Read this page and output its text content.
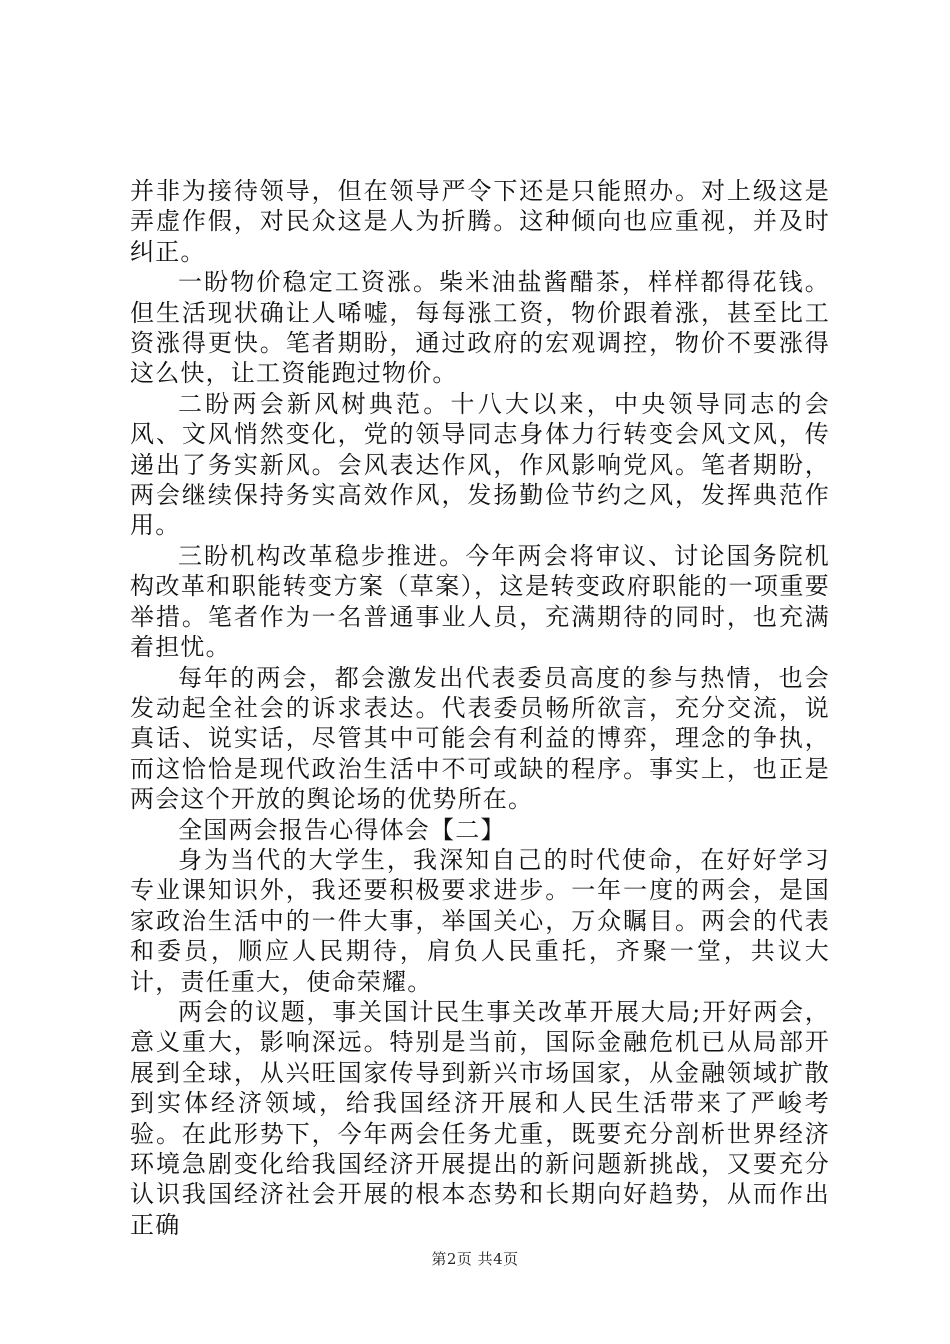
并非为接待领导，但在领导严令下还是只能照办。对上级这是弄虚作假，对民众这是人为折腾。这种倾向也应重视，并及时纠正。

一盼物价稳定工资涨。柴米油盐酱醋茶，样样都得花钱。但生活现状确让人唏嘘，每每涨工资，物价跟着涨，甚至比工资涨得更快。笔者期盼，通过政府的宏观调控，物价不要涨得这么快，让工资能跑过物价。

二盼两会新风树典范。十八大以来，中央领导同志的会风、文风悄然变化，党的领导同志身体力行转变会风文风，传递出了务实新风。会风表达作风，作风影响党风。笔者期盼，两会继续保持务实高效作风，发扬勤俭节约之风，发挥典范作用。

三盼机构改革稳步推进。今年两会将审议、讨论国务院机构改革和职能转变方案（草案），这是转变政府职能的一项重要举措。笔者作为一名普通事业人员，充满期待的同时，也充满着担忧。

每年的两会，都会激发出代表委员高度的参与热情，也会发动起全社会的诉求表达。代表委员畅所欲言，充分交流，说真话、说实话，尽管其中可能会有利益的博弈，理念的争执，而这恰恰是现代政治生活中不可或缺的程序。事实上，也正是两会这个开放的舆论场的优势所在。

全国两会报告心得体会【二】

身为当代的大学生，我深知自己的时代使命，在好好学习专业课知识外，我还要积极要求进步。一年一度的两会，是国家政治生活中的一件大事，举国关心，万众瞩目。两会的代表和委员，顺应人民期待，肩负人民重托，齐聚一堂，共议大计，责任重大，使命荣耀。

两会的议题，事关国计民生事关改革开展大局;开好两会，意义重大，影响深远。特别是当前，国际金融危机已从局部开展到全球，从兴旺国家传导到新兴市场国家，从金融领域扩散到实体经济领域，给我国经济开展和人民生活带来了严峻考验。在此形势下，今年两会任务尤重，既要充分剖析世界经济环境急剧变化给我国经济开展提出的新问题新挑战，又要充分认识我国经济社会开展的根本态势和长期向好趋势，从而作出正确

第2页 共4页
